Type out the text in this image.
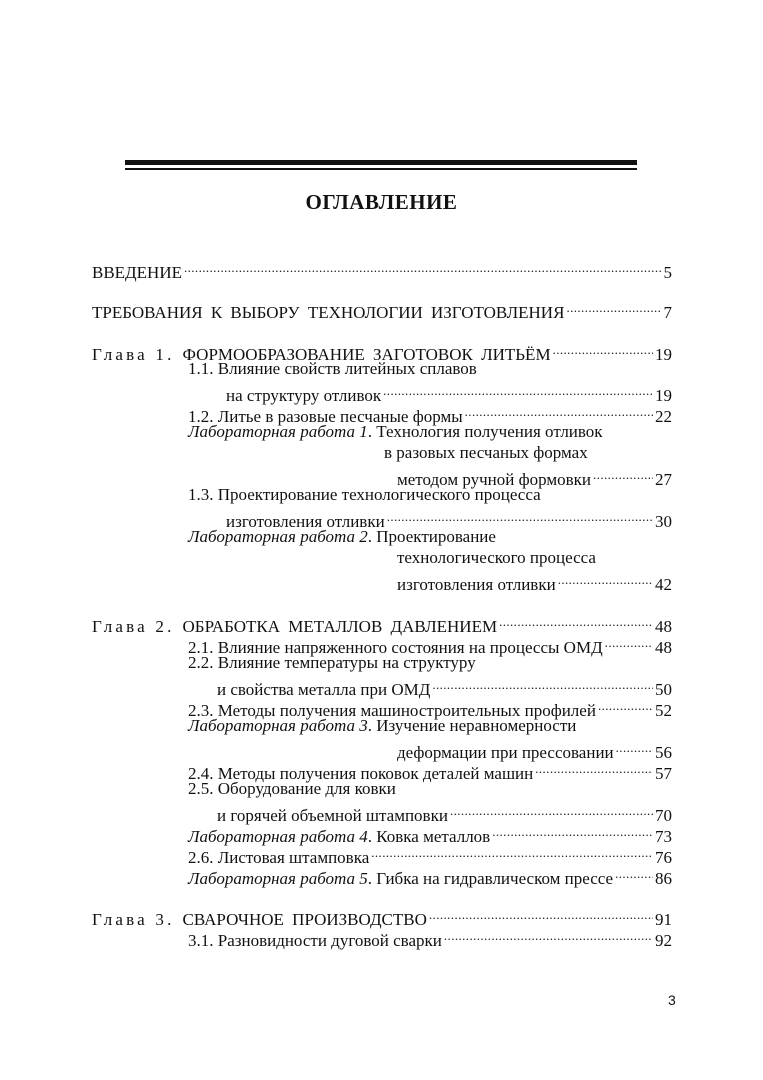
ОГЛАВЛЕНИЕ
ВВЕДЕНИЕ .....	5
ТРЕБОВАНИЯ К ВЫБОРУ ТЕХНОЛОГИИ ИЗГОТОВЛЕНИЯ .....	7
Глава 1. ФОРМООБРАЗОВАНИЕ ЗАГОТОВОК ЛИТЬЁМ .....	19
1.1. Влияние свойств литейных сплавов
на структуру отливок .....	19
1.2. Литье в разовые песчаные формы .....	22
Лабораторная работа 1. Технология получения отливок
в разовых песчаных формах
методом ручной формовки .....	27
1.3. Проектирование технологического процесса
изготовления отливки .....	30
Лабораторная работа 2. Проектирование
технологического процесса
изготовления отливки .....	42
Глава 2. ОБРАБОТКА МЕТАЛЛОВ ДАВЛЕНИЕМ .....	48
2.1. Влияние напряженного состояния на процессы ОМД .....	48
2.2. Влияние температуры на структуру
и свойства металла при ОМД .....	50
2.3. Методы получения машиностроительных профилей .....	52
Лабораторная работа 3. Изучение неравномерности
деформации при прессовании ..... 56
2.4. Методы получения поковок деталей машин .....	57
2.5. Оборудование для ковки
и горячей объемной штамповки .....	70
Лабораторная работа 4 . Ковка металлов .....	73
2.6. Листовая штамповка .....	76
Лабораторная работа 5 . Гибка на гидравлическом прессе ..... 86
Глава 3. СВАРОЧНОЕ ПРОИЗВОДСТВО .....	91
3.1. Разновидности дуговой сварки .....	92
3
